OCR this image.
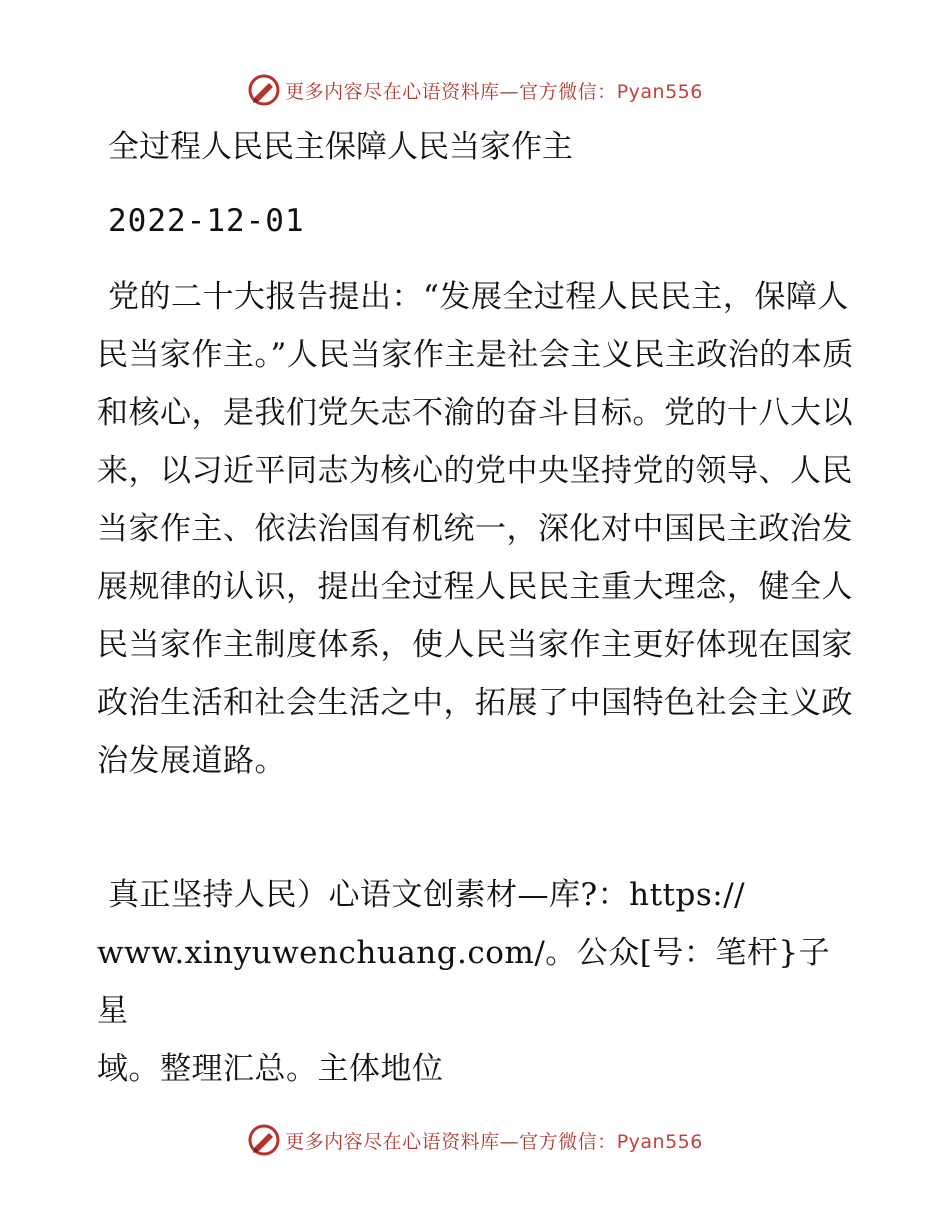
更多内容尽在心语资料库—官方微信：Pyan556
全过程人民民主保障人民当家作主
2022-12-01

党的二十大报告提出：“发展全过程人民民主，保障人民当家作主。”人民当家作主是社会主义民主政治的本质和核心，是我们党矢志不渝的奋斗目标。党的十八大以来，以习近平同志为核心的党中央坚持党的领导、人民当家作主、依法治国有机统一，深化对中国民主政治发展规律的认识，提出全过程人民民主重大理念，健全人民当家作主制度体系，使人民当家作主更好体现在国家政治生活和社会生活之中，拓展了中国特色社会主义政治发展道路。

真正坚持人民）心语文创素材—库?：https://
www.xinyuwenchuang.com/。公众[号：笔杆}子星
域。整理汇总。主体地位
更多内容尽在心语资料库—官方微信：Pyan556
